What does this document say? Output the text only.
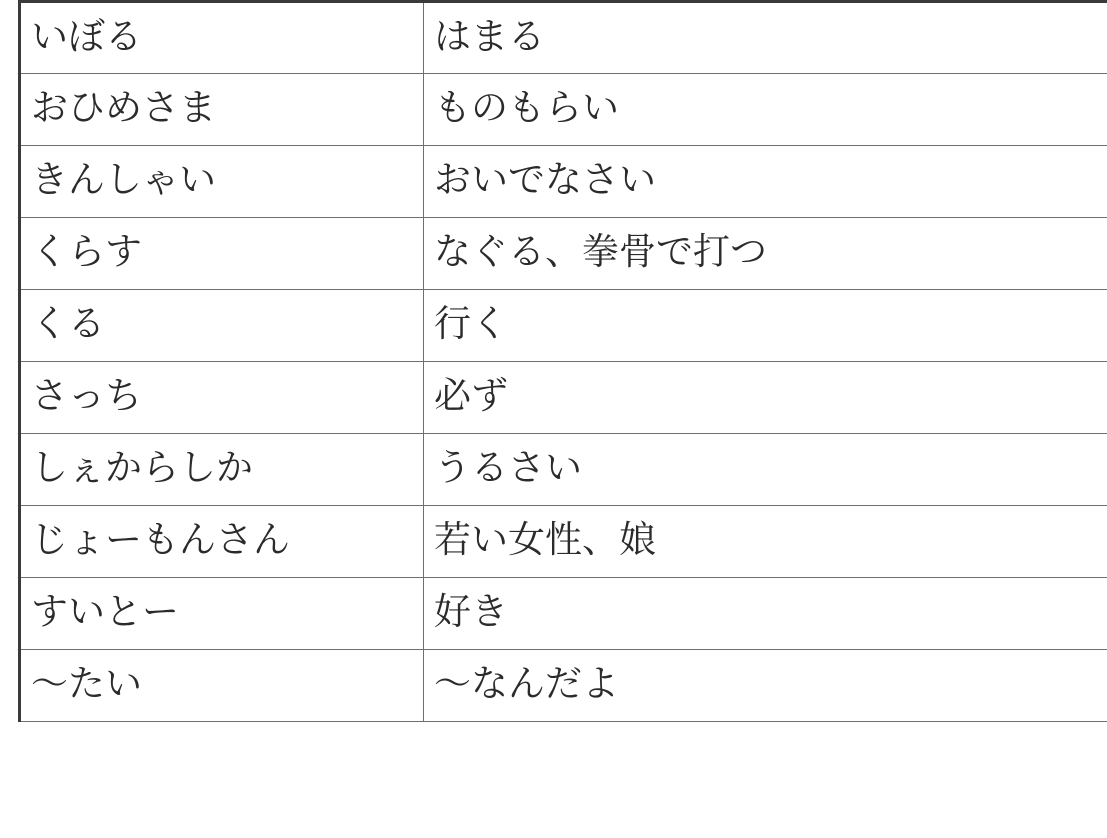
いぼる	はまる
おひめさま	ものもらい
きんしゃい	おいでなさい
くらす	なぐる、拳骨で打つ
くる	行く
さっち	必ず
しぇからしか	うるさい
じょーもんさん	若い女性、娘
すいとー	好き
〜たい	〜なんだよ
